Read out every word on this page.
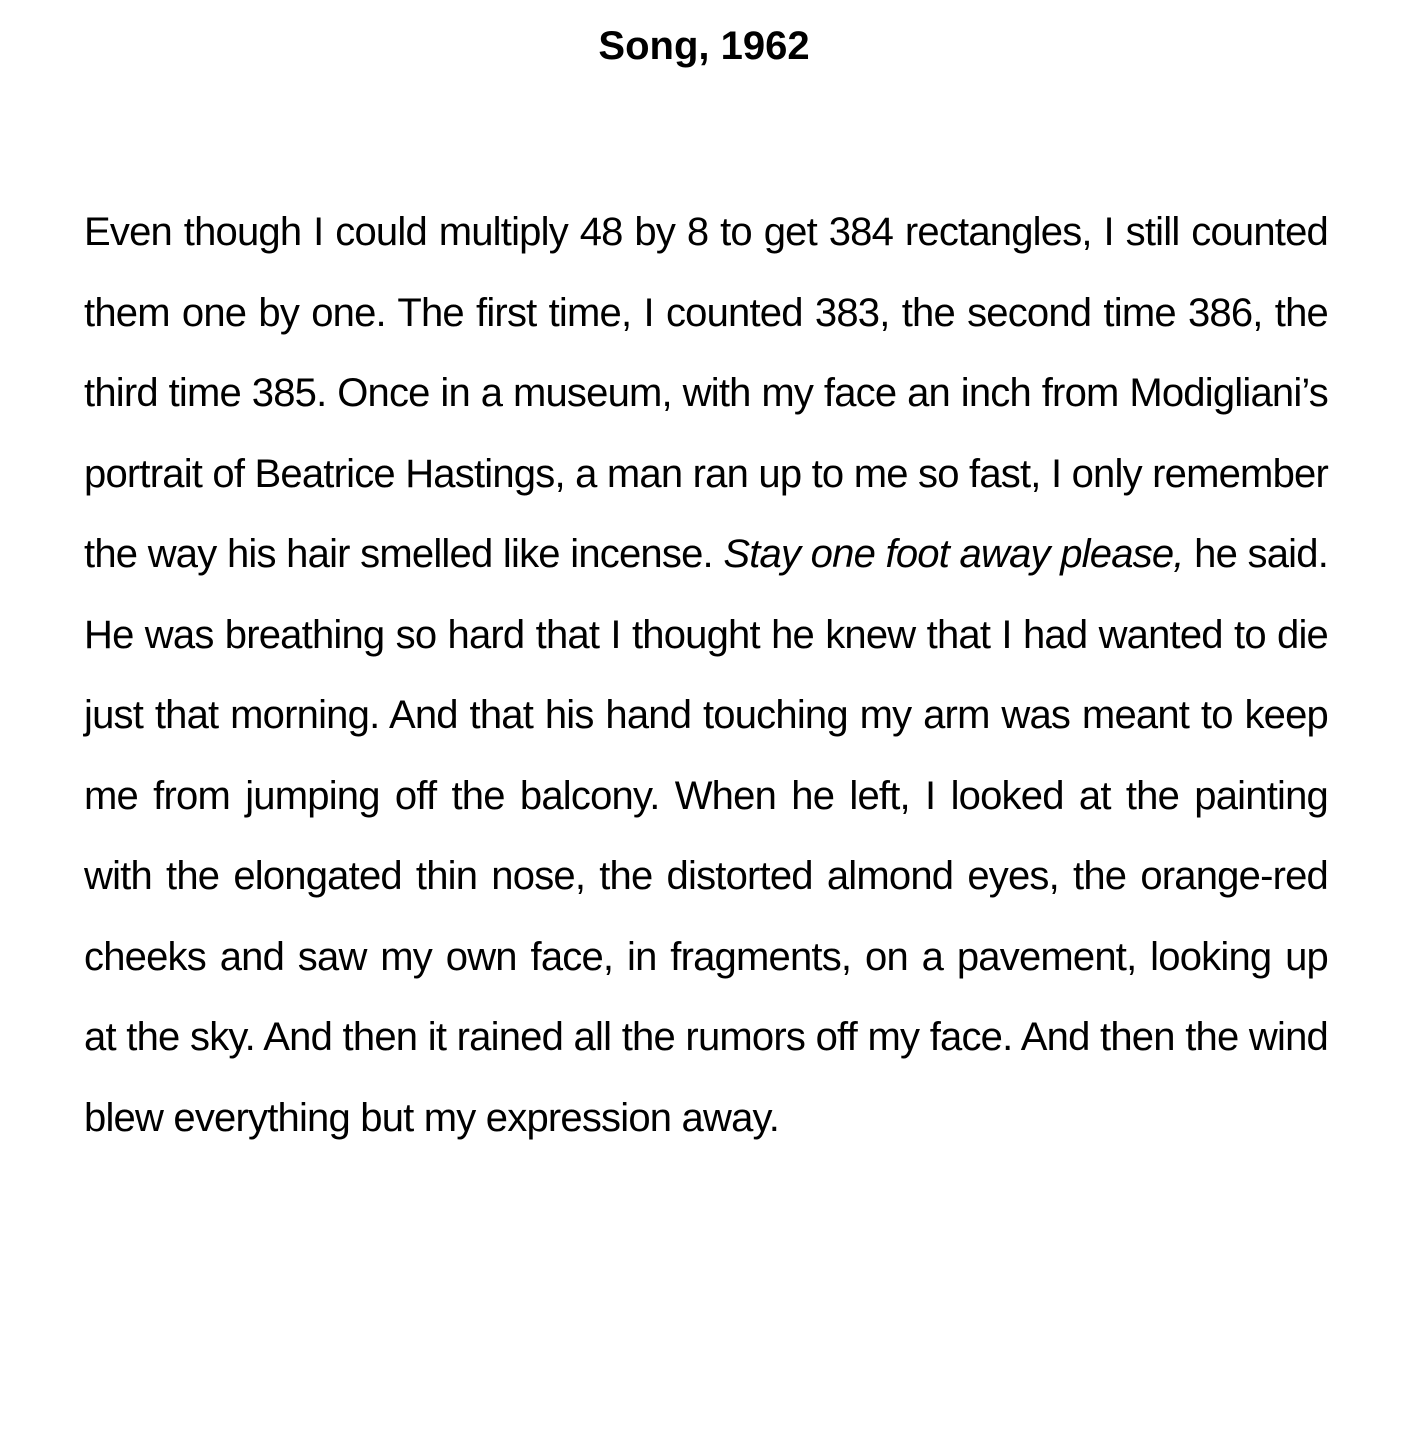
Song, 1962

Even though I could multiply 48 by 8 to get 384 rectangles, I still counted them one by one. The first time, I counted 383, the second time 386, the third time 385. Once in a museum, with my face an inch from Modigliani’s portrait of Beatrice Hastings, a man ran up to me so fast, I only remember the way his hair smelled like incense. Stay one foot away please, he said. He was breathing so hard that I thought he knew that I had wanted to die just that morning. And that his hand touching my arm was meant to keep me from jumping off the balcony. When he left, I looked at the painting with the elongated thin nose, the distorted almond eyes, the orange-red cheeks and saw my own face, in fragments, on a pavement, looking up at the sky. And then it rained all the rumors off my face. And then the wind blew everything but my expression away.
